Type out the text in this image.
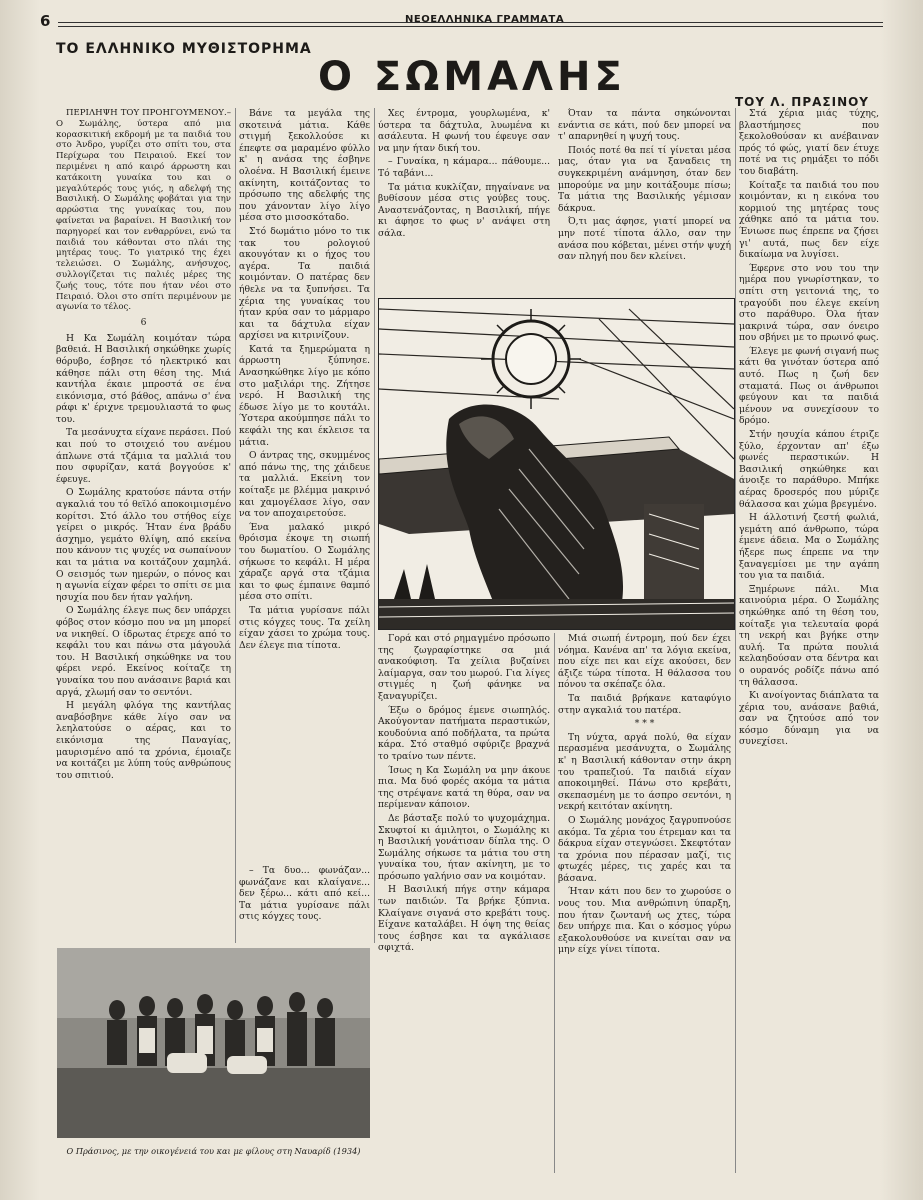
6	ΝΕΟΕΛΛΗΝΙΚΑ ΓΡΑΜΜΑΤΑ
ΤΟ ΕΛΛΗΝΙΚΟ ΜΥΘΙΣΤΟΡΗΜΑ
Ο ΣΩΜΑΛΗΣ
ΤΟΥ Λ. ΠΡΑΣΙΝΟΥ

ΠΕΡΙΛΗΨΗ ΤΟΥ ΠΡΟΗΓΟΥΜΕΝΟΥ.– Ο Σωμάλης, ύστερα από μια κορασκιτική εκδρομή με τα παιδιά του στο Άνδρο, γυρίζει στο σπίτι του, στα Περίχωρα του Πειραιού. Εκεί τον περιμένει η από καιρό άρρωστη και κατάκοιτη γυναίκα του και ο μεγαλύτερός τους γιός, η αδελφή της Βασιλική. Ο Σωμάλης φοβάται για την αρρώστια της γυναίκας του, που φαίνεται να βαραίνει. Η Βασιλική τον παρηγορεί και τον ενθαρρύνει, ενώ τα παιδιά του κάθονται στο πλάι της μητέρας τους. Το γιατρικό της έχει τελειώσει. Ο Σωμάλης, ανήσυχος, συλλογίζεται τις παλιές μέρες της ζωής τους, τότε που ήταν νέοι στο Πειραιό. Όλοι στο σπίτι περιμένουν με αγωνία το τέλος.

6

Η Κα Σωμάλη κοιμόταν τώρα βαθειά. Η Βασιλική σηκώθηκε χωρίς θόρυβο, έσβησε τό ηλεκτρικό και κάθησε πάλι στη θέση της. Μιά καντήλα έκαιε μπροστά σε ένα εικόνισμα, στό βάθος, απάνω σ' ένα ράφι κ' έριχνε τρεμουλιαστά το φως του.

Τα μεσάνυχτα είχανε περάσει. Πού και πού το στοιχειό του ανέμου άπλωνε στά τζάμια τα μαλλιά του που σφυρίζαν, κατά βογγούσε κ' έφευγε.

Ο Σωμάλης κρατούσε πάντα στήν αγκαλιά του τό θεϊλό αποκοιμισμένο κορίτσι. Στό άλλο του στήθος είχε γείρει ο μικρός. Ήταν ένα βράδυ άσχημο, γεμάτο θλίψη, από εκείνα που κάνουν τις ψυχές να σωπαίνουν και τα μάτια να κοιτάζουν χαμηλά. Ο σεισμός των ημερών, ο πόνος και η αγωνία είχαν φέρει το σπίτι σε μια ησυχία που δεν ήταν γαλήνη.

Ο Σωμάλης έλεγε πως δεν υπάρχει φόβος στον κόσμο που να μη μπορεί να νικηθεί. Ο ίδρωτας έτρεχε από το κεφάλι του και πάνω στα μάγουλά του. Η Βασιλική σηκώθηκε να του φέρει νερό. Εκείνος κοίταζε τη γυναίκα του που ανάσαινε βαριά και αργά, χλωμή σαν το σεντόνι.

Η μεγάλη φλόγα της καντήλας αναβόσβηνε κάθε λίγο σαν να λεηλατούσε ο αέρας, και το εικόνισμα της Παναγίας, μαυρισμένο από τα χρόνια, έμοιαζε να κοιτάζει με λύπη τούς ανθρώπους του σπιτιού.

Βάνε τα μεγάλα της σκοτεινά μάτια. Κάθε στιγμή ξεκολλούσε κι έπεφτε σα μαραμένο φύλλο κ' η ανάσα της έσβηνε ολοένα. Η Βασιλική έμεινε ακίνητη, κοιτάζοντας το πρόσωπο της αδελφής της που χάνονταν λίγο λίγο μέσα στο μισοσκόταδο.

Στό δωμάτιο μόνο το τικ τακ του ρολογιού ακουγόταν κι ο ήχος του αγέρα. Τα παιδιά κοιμόνταν. Ο πατέρας δεν ήθελε να τα ξυπνήσει. Τα χέρια της γυναίκας του ήταν κρύα σαν το μάρμαρο και τα δάχτυλα είχαν αρχίσει να κιτρινίζουν.

Κατά τα ξημερώματα η άρρωστη ξύπνησε. Ανασηκώθηκε λίγο με κόπο στο μαξιλάρι της. Ζήτησε νερό. Η Βασιλική της έδωσε λίγο με το κουτάλι. Ύστερα ακούμπησε πάλι το κεφάλι της και έκλεισε τα μάτια.

Ο άντρας της, σκυμμένος από πάνω της, της χάιδευε τα μαλλιά. Εκείνη τον κοίταξε με βλέμμα μακρινό και χαμογέλασε λίγο, σαν να τον αποχαιρετούσε.

Ένα μαλακό μικρό θρόισμα έκοψε τη σιωπή του δωματίου. Ο Σωμάλης σήκωσε το κεφάλι. Η μέρα χάραζε αργά στα τζάμια και το φως έμπαινε θαμπό μέσα στο σπίτι.

Τα μάτια γυρίσανε πάλι στις κόγχες τους. Τα χείλη είχαν χάσει το χρώμα τους. Δεν έλεγε πια τίποτα.

– Τα δυο... φωνάζαν... φωνάζανε και κλαίγανε... δεν ξέρω... κάτι από κεί... Τα μάτια γυρίσανε πάλι στις κόγχες τους.

Χες έντρομα, γουρλωμένα, κ' ύστερα τα δάχτυλα, λυωμένα κι ασάλευτα. Η φωνή του έφευγε σαν να μην ήταν δική του.

– Γυναίκα, η κάμαρα... πάθουμε... Τό ταβάνι...

Τα μάτια κυκλίζαν, πηγαίνανε να βυθίσουν μέσα στις γούβες τους. Αναστενάζοντας, η Βασιλική, πήγε κι άφησε το φως ν' ανάψει στη σάλα.

Όταν τα πάντα σηκώνονται ενάντια σε κάτι, πού δεν μπορεί να τ' απαρνηθεί η ψυχή τους.

Ποιός ποτέ θα πεί τί γίνεται μέσα μας, όταν για να ξαναδεις τη συγκεκριμένη ανάμνηση, όταν δεν μπορούμε να μην κοιτάξουμε πίσω; Τα μάτια της Βασιλικής γέμισαν δάκρυα.

Ό,τι μας άφησε, γιατί μπορεί να μην ποτέ τίποτα άλλο, σαν την ανάσα που κόβεται, μένει στήν ψυχή σαν πληγή που δεν κλείνει.

Γορά και στό ρημαγμένο πρόσωπο της ζωγραφίστηκε σα μιά ανακούφιση. Τα χείλια βυζαίνει λαίμαργα, σαν του μωρού. Για λίγες στιγμές η ζωή φάνηκε να ξαναγυρίζει.

Έξω ο δρόμος έμενε σιωπηλός. Ακούγονταν πατήματα περαστικών, κουδούνια από ποδήλατα, τα πρώτα κάρα. Στό σταθμό σφύριζε βραχνά το τραίνο των πέντε.

Ίσως η Κα Σωμάλη να μην άκουε πια. Μα δυό φορές ακόμα τα μάτια της στρέψανε κατά τη θύρα, σαν να περίμεναν κάποιον.

Δε βάσταξε πολύ το ψυχομάχημα. Σκυφτοί κι άμιλητοι, ο Σωμάλης κι η Βασιλική γονάτισαν δίπλα της. Ο Σωμάλης σήκωσε τα μάτια του στη γυναίκα του, ήταν ακίνητη, με το πρόσωπο γαλήνιο σαν να κοιμόταν.

Η Βασιλική πήγε στην κάμαρα των παιδιών. Τα βρήκε ξύπνια. Κλαίγανε σιγανά στο κρεβάτι τους. Είχανε καταλάβει. Η όψη της θείας τους έσβησε και τα αγκάλιασε σφιχτά.

Μιά σιωπή έντρομη, πού δεν έχει νόημα. Κανένα απ' τα λόγια εκείνα, που είχε πει και είχε ακούσει, δεν άξιζε τώρα τίποτα. Η θάλασσα του πόνου τα σκέπαζε όλα.

Τα παιδιά βρήκανε καταφύγιο στην αγκαλιά του πατέρα.

* * *

Τη νύχτα, αργά πολύ, θα είχαν περασμένα μεσάνυχτα, ο Σωμάλης κ' η Βασιλική κάθονταν στην άκρη του τραπεζιού. Τα παιδιά είχαν αποκοιμηθεί. Πάνω στο κρεβάτι, σκεπασμένη με το άσπρο σεντόνι, η νεκρή κειτόταν ακίνητη.

Ο Σωμάλης μονάχος ξαγρυπνούσε ακόμα. Τα χέρια του έτρεμαν και τα δάκρυα είχαν στεγνώσει. Σκεφτόταν τα χρόνια που πέρασαν μαζί, τις φτωχές μέρες, τις χαρές και τα βάσανα.

Ήταν κάτι που δεν το χωρούσε ο νους του. Μια ανθρώπινη ύπαρξη, που ήταν ζωντανή ως χτες, τώρα δεν υπήρχε πια. Και ο κόσμος γύρω εξακολουθούσε να κινείται σαν να μην είχε γίνει τίποτα.

Στά χέρια μιάς τύχης, βλαστήμησες που ξεκολοθούσαν κι ανέβαιναν πρός τό φώς, γιατί δεν έτυχε ποτέ να τις ρημάξει το πόδι του διαβάτη.

Κοίταξε τα παιδιά του που κοιμόνταν, κι η εικόνα του κορμιού της μητέρας τους χάθηκε από τα μάτια του. Ένιωσε πως έπρεπε να ζήσει γι' αυτά, πως δεν είχε δικαίωμα να λυγίσει.

Έφερνε στο νου του την ημέρα που γνωρίστηκαν, το σπίτι στη γειτονιά της, το τραγούδι που έλεγε εκείνη στο παράθυρο. Όλα ήταν μακρινά τώρα, σαν όνειρο που σβήνει με το πρωινό φως.

Έλεγε με φωνή σιγανή πως κάτι θα γινόταν ύστερα από αυτό. Πως η ζωή δεν σταματά. Πως οι άνθρωποι φεύγουν και τα παιδιά μένουν να συνεχίσουν το δρόμο.

Στήν ησυχία κάπου έτριζε ξύλο, έρχονταν απ' έξω φωνές περαστικών. Η Βασιλική σηκώθηκε και άνοιξε το παράθυρο. Μπήκε αέρας δροσερός που μύριζε θάλασσα και χώμα βρεγμένο.

Η άλλοτινή ζεστή φωλιά, γεμάτη από άνθρωπο, τώρα έμενε άδεια. Μα ο Σωμάλης ήξερε πως έπρεπε να την ξαναγεμίσει με την αγάπη του για τα παιδιά.

Ξημέρωνε πάλι. Μια καινούρια μέρα. Ο Σωμάλης σηκώθηκε από τη θέση του, κοίταξε για τελευταία φορά τη νεκρή και βγήκε στην αυλή. Τα πρώτα πουλιά κελαηδούσαν στα δέντρα και ο ουρανός ροδίζε πάνω από τη θάλασσα.

Κι ανοίγοντας διάπλατα τα χέρια του, ανάσανε βαθιά, σαν να ζητούσε από τον κόσμο δύναμη για να συνεχίσει.

Ο Πράσινος, με την οικογένειά του και με φίλους στη Ναυαρίδ (1934)
